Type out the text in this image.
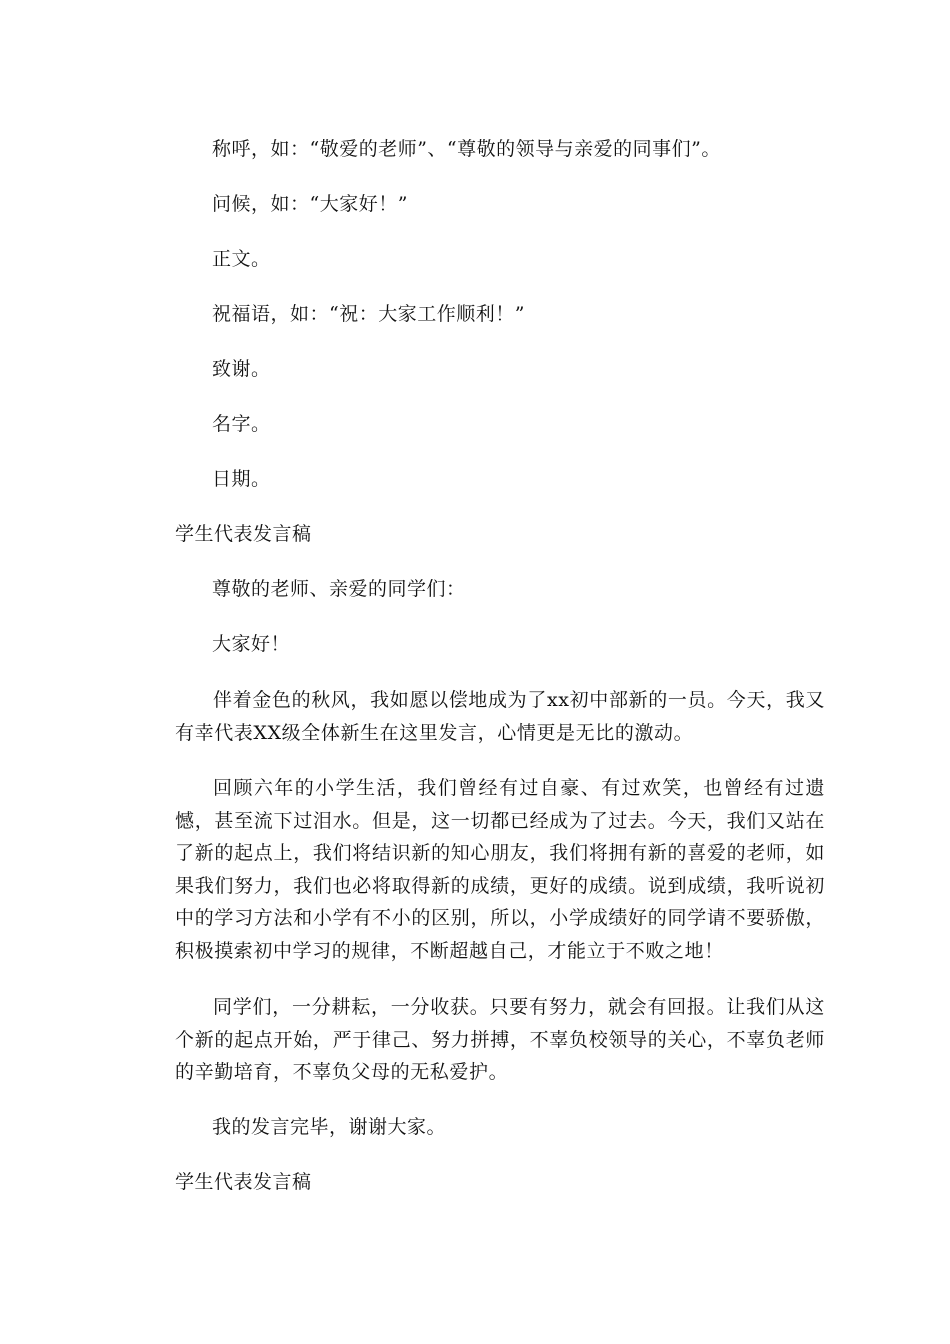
称呼，如：“敬爱的老师”、“尊敬的领导与亲爱的同事们”。
问候，如：“大家好！”
正文。
祝福语，如：“祝：大家工作顺利！”
致谢。
名字。
日期。
学生代表发言稿
尊敬的老师、亲爱的同学们：
大家好！
伴着金色的秋风，我如愿以偿地成为了xx初中部新的一员。今天，我又有幸代表XX级全体新生在这里发言，心情更是无比的激动。
回顾六年的小学生活，我们曾经有过自豪、有过欢笑，也曾经有过遗憾，甚至流下过泪水。但是，这一切都已经成为了过去。今天，我们又站在了新的起点上，我们将结识新的知心朋友，我们将拥有新的喜爱的老师，如果我们努力，我们也必将取得新的成绩，更好的成绩。说到成绩，我听说初中的学习方法和小学有不小的区别，所以，小学成绩好的同学请不要骄傲，积极摸索初中学习的规律，不断超越自己，才能立于不败之地！
同学们，一分耕耘，一分收获。只要有努力，就会有回报。让我们从这个新的起点开始，严于律己、努力拼搏，不辜负校领导的关心，不辜负老师的辛勤培育，不辜负父母的无私爱护。
我的发言完毕，谢谢大家。
学生代表发言稿
